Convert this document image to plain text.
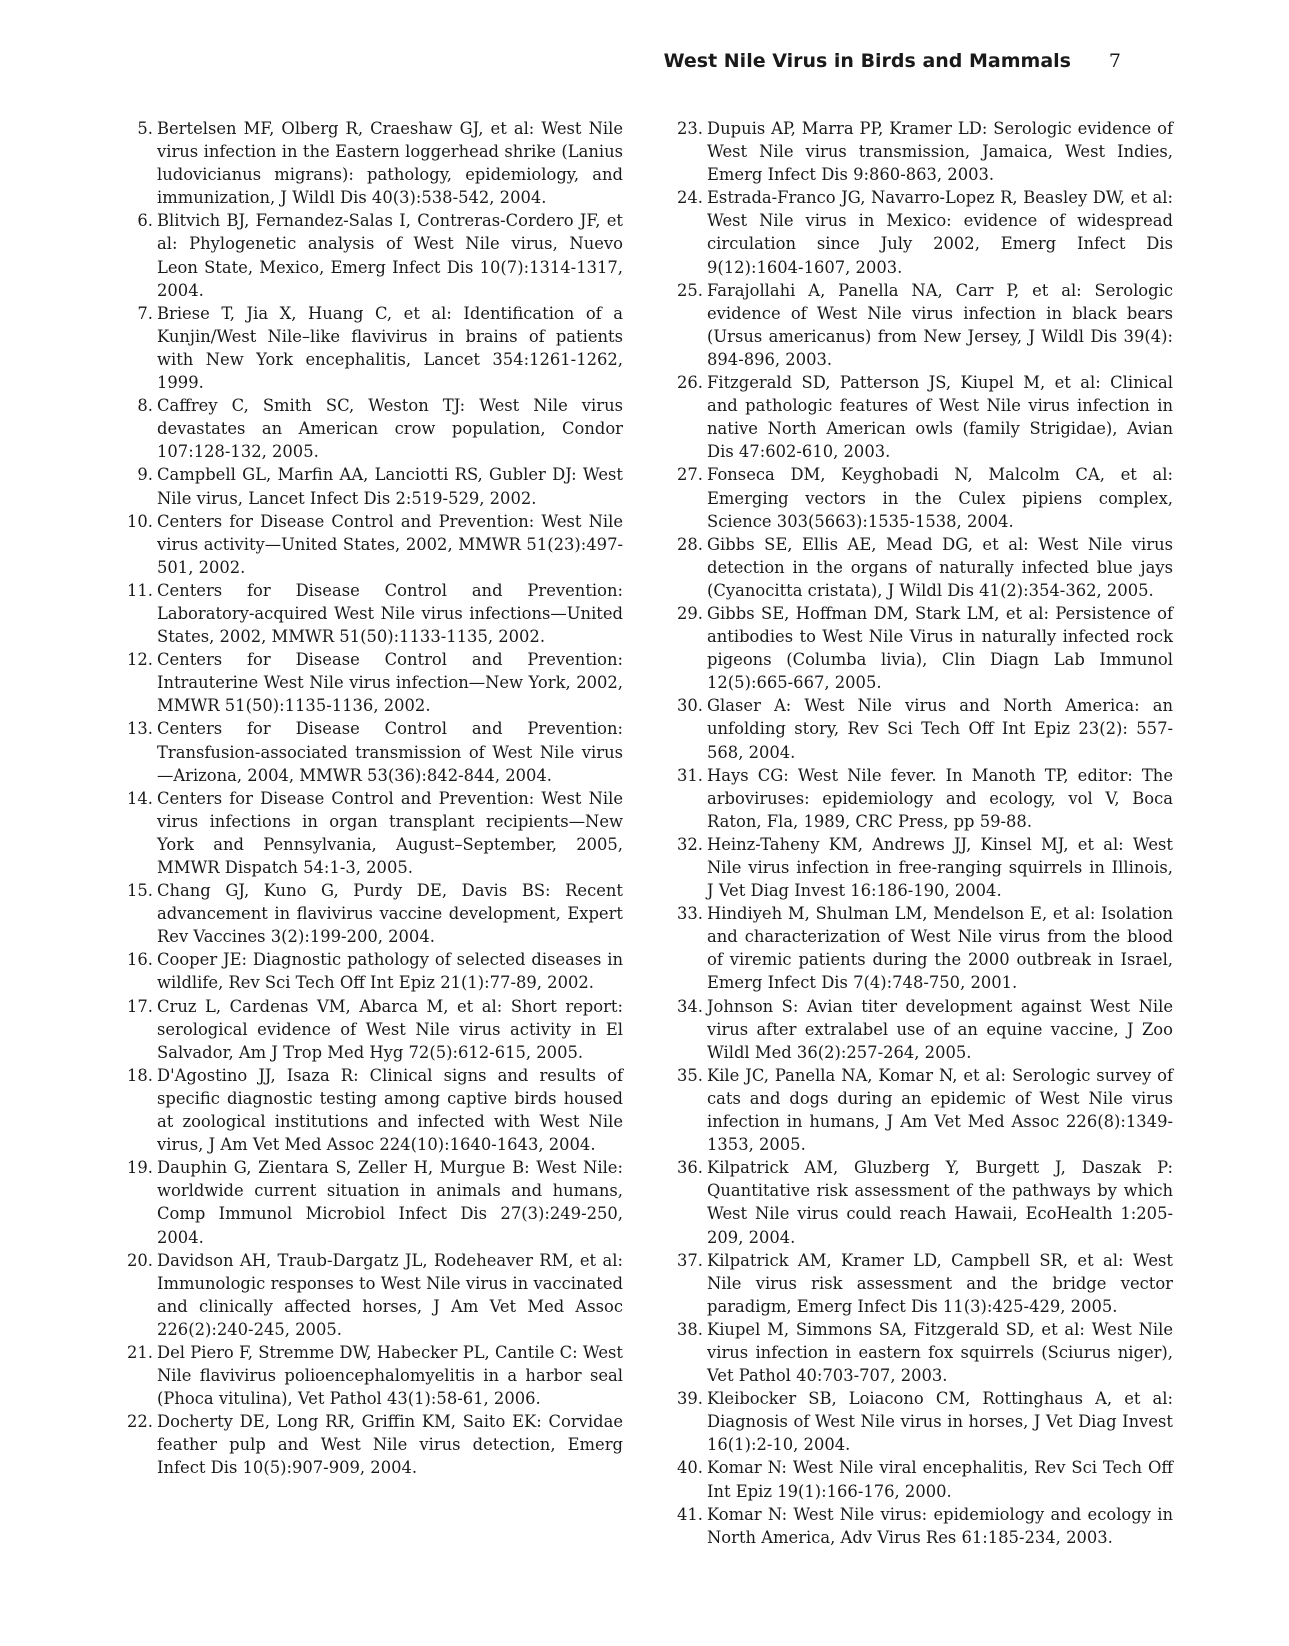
West Nile Virus in Birds and Mammals 7
5. Bertelsen MF, Olberg R, Craeshaw GJ, et al: West Nile virus infection in the Eastern loggerhead shrike (Lanius ludovicianus migrans): pathology, epidemiology, and immunization, J Wildl Dis 40(3):538-542, 2004.
6. Blitvich BJ, Fernandez-Salas I, Contreras-Cordero JF, et al: Phylogenetic analysis of West Nile virus, Nuevo Leon State, Mexico, Emerg Infect Dis 10(7):1314-1317, 2004.
7. Briese T, Jia X, Huang C, et al: Identification of a Kunjin/West Nile–like flavivirus in brains of patients with New York encephalitis, Lancet 354:1261-1262, 1999.
8. Caffrey C, Smith SC, Weston TJ: West Nile virus devastates an American crow population, Condor 107:128-132, 2005.
9. Campbell GL, Marfin AA, Lanciotti RS, Gubler DJ: West Nile virus, Lancet Infect Dis 2:519-529, 2002.
10. Centers for Disease Control and Prevention: West Nile virus activity—United States, 2002, MMWR 51(23):497-501, 2002.
11. Centers for Disease Control and Prevention: Laboratory-acquired West Nile virus infections—United States, 2002, MMWR 51(50):1133-1135, 2002.
12. Centers for Disease Control and Prevention: Intrauterine West Nile virus infection—New York, 2002, MMWR 51(50):1135-1136, 2002.
13. Centers for Disease Control and Prevention: Transfusion-associated transmission of West Nile virus—Arizona, 2004, MMWR 53(36):842-844, 2004.
14. Centers for Disease Control and Prevention: West Nile virus infections in organ transplant recipients—New York and Pennsylvania, August–September, 2005, MMWR Dispatch 54:1-3, 2005.
15. Chang GJ, Kuno G, Purdy DE, Davis BS: Recent advancement in flavivirus vaccine development, Expert Rev Vaccines 3(2):199-200, 2004.
16. Cooper JE: Diagnostic pathology of selected diseases in wildlife, Rev Sci Tech Off Int Epiz 21(1):77-89, 2002.
17. Cruz L, Cardenas VM, Abarca M, et al: Short report: serological evidence of West Nile virus activity in El Salvador, Am J Trop Med Hyg 72(5):612-615, 2005.
18. D'Agostino JJ, Isaza R: Clinical signs and results of specific diagnostic testing among captive birds housed at zoological institutions and infected with West Nile virus, J Am Vet Med Assoc 224(10):1640-1643, 2004.
19. Dauphin G, Zientara S, Zeller H, Murgue B: West Nile: worldwide current situation in animals and humans, Comp Immunol Microbiol Infect Dis 27(3):249-250, 2004.
20. Davidson AH, Traub-Dargatz JL, Rodeheaver RM, et al: Immunologic responses to West Nile virus in vaccinated and clinically affected horses, J Am Vet Med Assoc 226(2):240-245, 2005.
21. Del Piero F, Stremme DW, Habecker PL, Cantile C: West Nile flavivirus polioencephalomyelitis in a harbor seal (Phoca vitulina), Vet Pathol 43(1):58-61, 2006.
22. Docherty DE, Long RR, Griffin KM, Saito EK: Corvidae feather pulp and West Nile virus detection, Emerg Infect Dis 10(5):907-909, 2004.
23. Dupuis AP, Marra PP, Kramer LD: Serologic evidence of West Nile virus transmission, Jamaica, West Indies, Emerg Infect Dis 9:860-863, 2003.
24. Estrada-Franco JG, Navarro-Lopez R, Beasley DW, et al: West Nile virus in Mexico: evidence of widespread circulation since July 2002, Emerg Infect Dis 9(12):1604-1607, 2003.
25. Farajollahi A, Panella NA, Carr P, et al: Serologic evidence of West Nile virus infection in black bears (Ursus americanus) from New Jersey, J Wildl Dis 39(4): 894-896, 2003.
26. Fitzgerald SD, Patterson JS, Kiupel M, et al: Clinical and pathologic features of West Nile virus infection in native North American owls (family Strigidae), Avian Dis 47:602-610, 2003.
27. Fonseca DM, Keyghobadi N, Malcolm CA, et al: Emerging vectors in the Culex pipiens complex, Science 303(5663):1535-1538, 2004.
28. Gibbs SE, Ellis AE, Mead DG, et al: West Nile virus detection in the organs of naturally infected blue jays (Cyanocitta cristata), J Wildl Dis 41(2):354-362, 2005.
29. Gibbs SE, Hoffman DM, Stark LM, et al: Persistence of antibodies to West Nile Virus in naturally infected rock pigeons (Columba livia), Clin Diagn Lab Immunol 12(5):665-667, 2005.
30. Glaser A: West Nile virus and North America: an unfolding story, Rev Sci Tech Off Int Epiz 23(2): 557-568, 2004.
31. Hays CG: West Nile fever. In Manoth TP, editor: The arboviruses: epidemiology and ecology, vol V, Boca Raton, Fla, 1989, CRC Press, pp 59-88.
32. Heinz-Taheny KM, Andrews JJ, Kinsel MJ, et al: West Nile virus infection in free-ranging squirrels in Illinois, J Vet Diag Invest 16:186-190, 2004.
33. Hindiyeh M, Shulman LM, Mendelson E, et al: Isolation and characterization of West Nile virus from the blood of viremic patients during the 2000 outbreak in Israel, Emerg Infect Dis 7(4):748-750, 2001.
34. Johnson S: Avian titer development against West Nile virus after extralabel use of an equine vaccine, J Zoo Wildl Med 36(2):257-264, 2005.
35. Kile JC, Panella NA, Komar N, et al: Serologic survey of cats and dogs during an epidemic of West Nile virus infection in humans, J Am Vet Med Assoc 226(8):1349-1353, 2005.
36. Kilpatrick AM, Gluzberg Y, Burgett J, Daszak P: Quantitative risk assessment of the pathways by which West Nile virus could reach Hawaii, EcoHealth 1:205-209, 2004.
37. Kilpatrick AM, Kramer LD, Campbell SR, et al: West Nile virus risk assessment and the bridge vector paradigm, Emerg Infect Dis 11(3):425-429, 2005.
38. Kiupel M, Simmons SA, Fitzgerald SD, et al: West Nile virus infection in eastern fox squirrels (Sciurus niger), Vet Pathol 40:703-707, 2003.
39. Kleibocker SB, Loiacono CM, Rottinghaus A, et al: Diagnosis of West Nile virus in horses, J Vet Diag Invest 16(1):2-10, 2004.
40. Komar N: West Nile viral encephalitis, Rev Sci Tech Off Int Epiz 19(1):166-176, 2000.
41. Komar N: West Nile virus: epidemiology and ecology in North America, Adv Virus Res 61:185-234, 2003.
